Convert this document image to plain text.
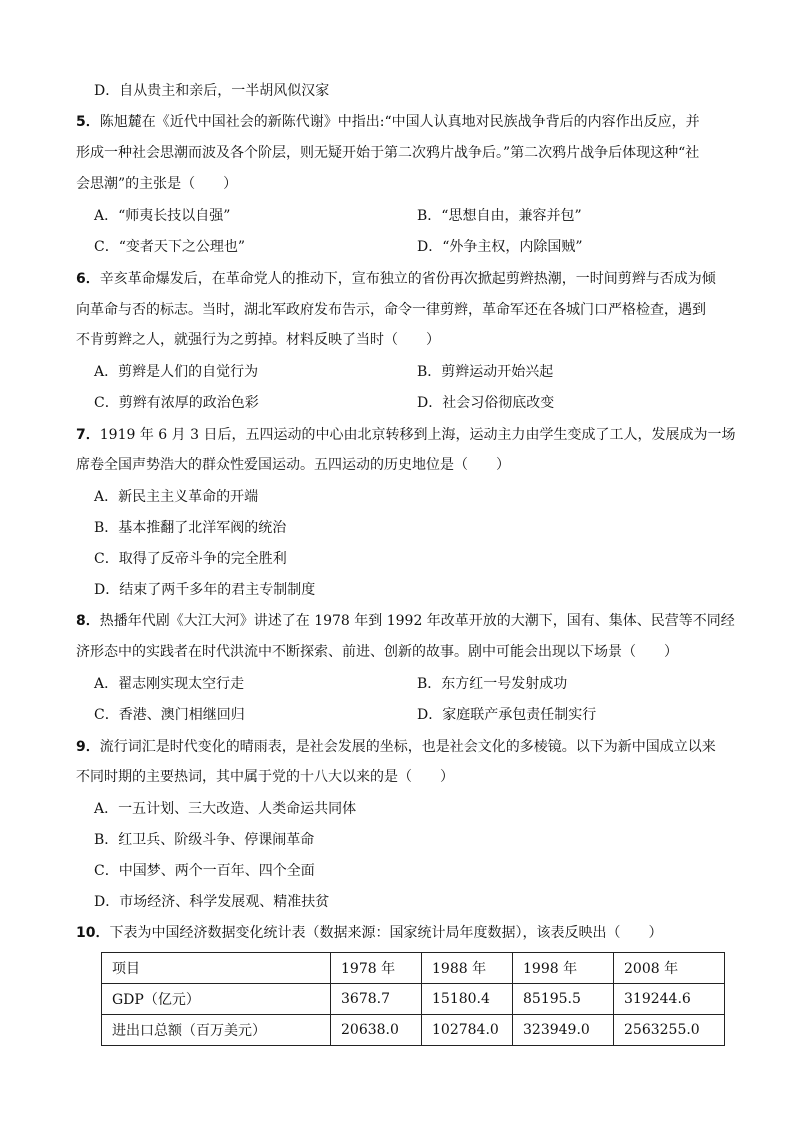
D．自从贵主和亲后，一半胡风似汉家
5．陈旭麓在《近代中国社会的新陈代谢》中指出:“中国人认真地对民族战争背后的内容作出反应，并
形成一种社会思潮而波及各个阶层，则无疑开始于第二次鸦片战争后。”第二次鸦片战争后体现这种“社
会思潮”的主张是（　　）
A．“师夷长技以自强”	B．“思想自由，兼容并包”
C．“变者天下之公理也”	D．“外争主权，内除国贼”
6．辛亥革命爆发后，在革命党人的推动下，宣布独立的省份再次掀起剪辫热潮，一时间剪辫与否成为倾
向革命与否的标志。当时，湖北军政府发布告示，命令一律剪辫，革命军还在各城门口严格检查，遇到
不肯剪辫之人，就强行为之剪掉。材料反映了当时（　　）
A．剪辫是人们的自觉行为	B．剪辫运动开始兴起
C．剪辫有浓厚的政治色彩	D．社会习俗彻底改变
7．1919 年 6 月 3 日后，五四运动的中心由北京转移到上海，运动主力由学生变成了工人，发展成为一场
席卷全国声势浩大的群众性爱国运动。五四运动的历史地位是（　　）
A．新民主主义革命的开端
B．基本推翻了北洋军阀的统治
C．取得了反帝斗争的完全胜利
D．结束了两千多年的君主专制制度
8．热播年代剧《大江大河》讲述了在 1978 年到 1992 年改革开放的大潮下，国有、集体、民营等不同经
济形态中的实践者在时代洪流中不断探索、前进、创新的故事。剧中可能会出现以下场景（　　）
A．翟志刚实现太空行走	B．东方红一号发射成功
C．香港、澳门相继回归	D．家庭联产承包责任制实行
9．流行词汇是时代变化的晴雨表，是社会发展的坐标，也是社会文化的多棱镜。以下为新中国成立以来
不同时期的主要热词，其中属于党的十八大以来的是（　　）
A．一五计划、三大改造、人类命运共同体
B．红卫兵、阶级斗争、停课闹革命
C．中国梦、两个一百年、四个全面
D．市场经济、科学发展观、精准扶贫
10．下表为中国经济数据变化统计表（数据来源：国家统计局年度数据），该表反映出（　　）
项目	1978 年	1988 年	1998 年	2008 年
GDP（亿元）	3678.7	15180.4	85195.5	319244.6
进出口总额（百万美元）	20638.0	102784.0	323949.0	2563255.0
